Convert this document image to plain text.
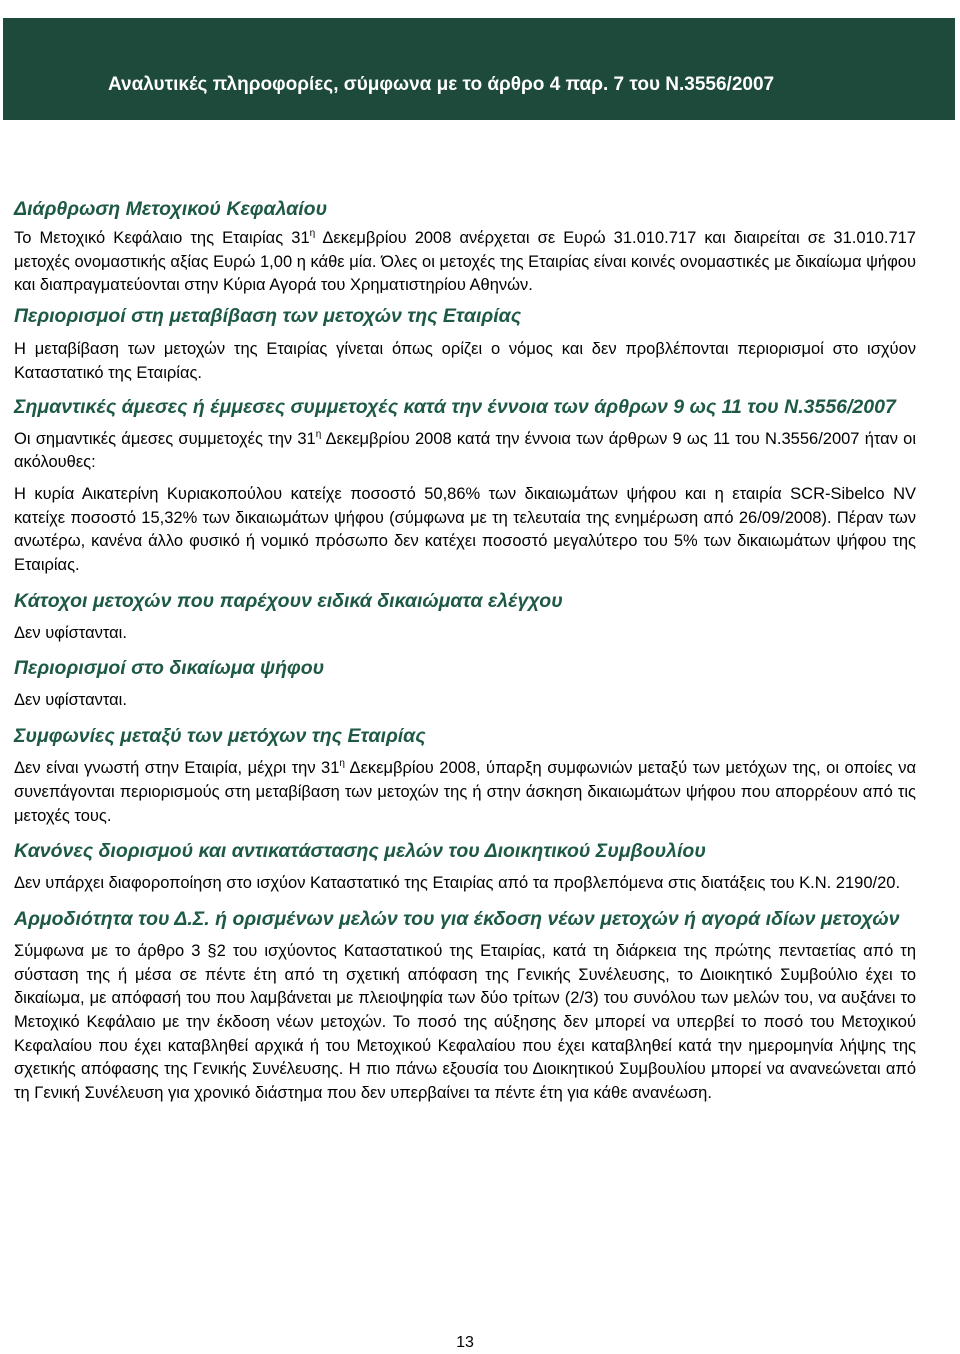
Αναλυτικές πληροφορίες, σύμφωνα με το άρθρο 4 παρ. 7 του Ν.3556/2007
Διάρθρωση Μετοχικού Κεφαλαίου

Το Μετοχικό Κεφάλαιο της Εταιρίας $31^\eta$ Δεκεμβρίου 2008 ανέρχεται σε Ευρώ 31.010.717 και διαιρείται σε 31.010.717 μετοχές ονομαστικής αξίας Ευρώ 1,00 η κάθε μία. Όλες οι μετοχές της Εταιρίας είναι κοινές ονομαστικές με δικαίωμα ψήφου και διαπραγματεύονται στην Κύρια Αγορά του Χρηματιστηρίου Αθηνών.

Περιορισμοί στη μεταβίβαση των μετοχών της Εταιρίας

Η μεταβίβαση των μετοχών της Εταιρίας γίνεται όπως ορίζει ο νόμος και δεν προβλέπονται περιορισμοί στο ισχύον Καταστατικό της Εταιρίας.

Σημαντικές άμεσες ή έμμεσες συμμετοχές κατά την έννοια των άρθρων 9 ως 11 του Ν.3556/2007

Οι σημαντικές άμεσες συμμετοχές την $31^\eta$ Δεκεμβρίου 2008 κατά την έννοια των άρθρων 9 ως 11 του Ν.3556/2007 ήταν οι ακόλουθες:

Η κυρία Αικατερίνη Κυριακοπούλου κατείχε ποσοστό 50,86% των δικαιωμάτων ψήφου και η εταιρία SCR-Sibelco NV κατείχε ποσοστό 15,32% των δικαιωμάτων ψήφου (σύμφωνα με τη τελευταία της ενημέρωση από 26/09/2008). Πέραν των ανωτέρω, κανένα άλλο φυσικό ή νομικό πρόσωπο δεν κατέχει ποσοστό μεγαλύτερο του 5% των δικαιωμάτων ψήφου της Εταιρίας.

Κάτοχοι μετοχών που παρέχουν ειδικά δικαιώματα ελέγχου

Δεν υφίστανται.

Περιορισμοί στο δικαίωμα ψήφου

Δεν υφίστανται.

Συμφωνίες μεταξύ των μετόχων της Εταιρίας

Δεν είναι γνωστή στην Εταιρία, μέχρι την $31^\eta$ Δεκεμβρίου 2008, ύπαρξη συμφωνιών μεταξύ των μετόχων της, οι οποίες να συνεπάγονται περιορισμούς στη μεταβίβαση των μετοχών της ή στην άσκηση δικαιωμάτων ψήφου που απορρέουν από τις μετοχές τους.

Κανόνες διορισμού και αντικατάστασης μελών του Διοικητικού Συμβουλίου

Δεν υπάρχει διαφοροποίηση στο ισχύον Καταστατικό της Εταιρίας από τα προβλεπόμενα στις διατάξεις του Κ.Ν. 2190/20.

Αρμοδιότητα του Δ.Σ. ή ορισμένων μελών του για έκδοση νέων μετοχών ή αγορά ιδίων μετοχών

Σύμφωνα με το άρθρο 3 §2 του ισχύοντος Καταστατικού της Εταιρίας, κατά τη διάρκεια της πρώτης πενταετίας από τη σύσταση της ή μέσα σε πέντε έτη από τη σχετική απόφαση της Γενικής Συνέλευσης, το Διοικητικό Συμβούλιο έχει το δικαίωμα, με απόφασή του που λαμβάνεται με πλειοψηφία των δύο τρίτων (2/3) του συνόλου των μελών του, να αυξάνει το Μετοχικό Κεφάλαιο με την έκδοση νέων μετοχών. Το ποσό της αύξησης δεν μπορεί να υπερβεί το ποσό του Μετοχικού Κεφαλαίου που έχει καταβληθεί αρχικά ή του Μετοχικού Κεφαλαίου που έχει καταβληθεί κατά την ημερομηνία λήψης της σχετικής απόφασης της Γενικής Συνέλευσης. Η πιο πάνω εξουσία του Διοικητικού Συμβουλίου μπορεί να ανανεώνεται από τη Γενική Συνέλευση για χρονικό διάστημα που δεν υπερβαίνει τα πέντε έτη για κάθε ανανέωση.

13
